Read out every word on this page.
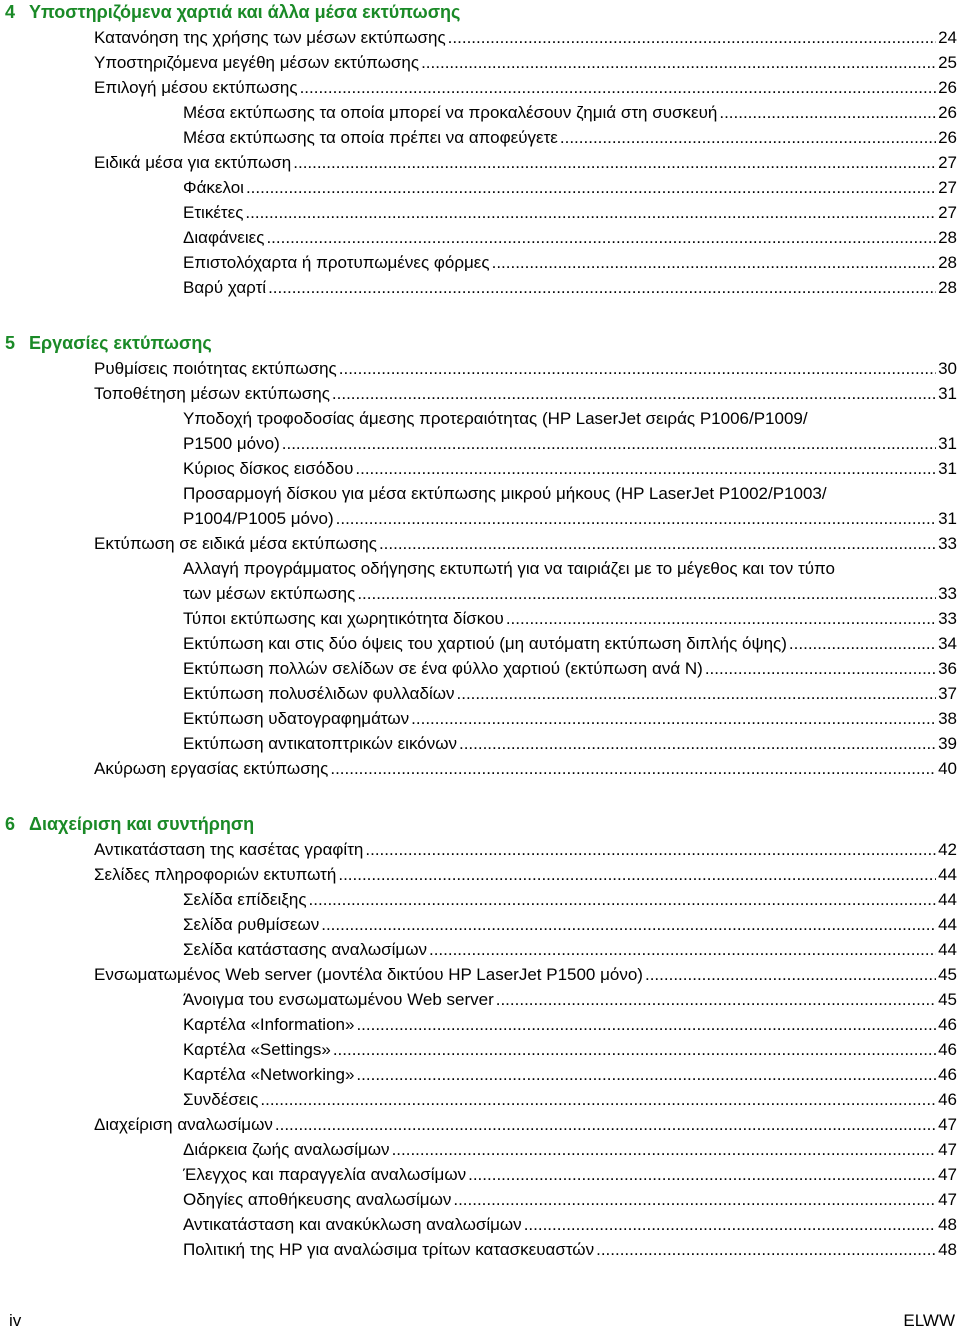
4 Υποστηριζόμενα χαρτιά και άλλα μέσα εκτύπωσης
Κατανόηση της χρήσης των μέσων εκτύπωσης .....	24
Υποστηριζόμενα μεγέθη μέσων εκτύπωσης .....	25
Επιλογή μέσου εκτύπωσης .....	26
Μέσα εκτύπωσης τα οποία μπορεί να προκαλέσουν ζημιά στη συσκευή .....	26
Μέσα εκτύπωσης τα οποία πρέπει να αποφεύγετε .....	26
Ειδικά μέσα για εκτύπωση .....	27
Φάκελοι .....	27
Ετικέτες .....	27
Διαφάνειες .....	28
Επιστολόχαρτα ή προτυπωμένες φόρμες .....	28
Βαρύ χαρτί .....	28
5 Εργασίες εκτύπωσης
Ρυθμίσεις ποιότητας εκτύπωσης .....	30
Τοποθέτηση μέσων εκτύπωσης .....	31
Υποδοχή τροφοδοσίας άμεσης προτεραιότητας (HP LaserJet σειράς P1006/P1009/
P1500 μόνο) .....	31
Κύριος δίσκος εισόδου .....	31
Προσαρμογή δίσκου για μέσα εκτύπωσης μικρού μήκους (HP LaserJet P1002/P1003/
P1004/P1005 μόνο) .....	31
Εκτύπωση σε ειδικά μέσα εκτύπωσης .....	33
Αλλαγή προγράμματος οδήγησης εκτυπωτή για να ταιριάζει με το μέγεθος και τον τύπο
των μέσων εκτύπωσης .....	33
Τύποι εκτύπωσης και χωρητικότητα δίσκου .....	33
Εκτύπωση και στις δύο όψεις του χαρτιού (μη αυτόματη εκτύπωση διπλής όψης) .....	34
Εκτύπωση πολλών σελίδων σε ένα φύλλο χαρτιού (εκτύπωση ανά Ν) .....	36
Εκτύπωση πολυσέλιδων φυλλαδίων .....	37
Εκτύπωση υδατογραφημάτων .....	38
Εκτύπωση αντικατοπτρικών εικόνων .....	39
Ακύρωση εργασίας εκτύπωσης .....	40
6 Διαχείριση και συντήρηση
Αντικατάσταση της κασέτας γραφίτη .....	42
Σελίδες πληροφοριών εκτυπωτή .....	44
Σελίδα επίδειξης .....	44
Σελίδα ρυθμίσεων .....	44
Σελίδα κατάστασης αναλωσίμων .....	44
Ενσωματωμένος Web server (μοντέλα δικτύου HP LaserJet P1500 μόνο) .....	45
Άνοιγμα του ενσωματωμένου Web server .....	45
Καρτέλα «Information» .....	46
Καρτέλα «Settings» .....	46
Καρτέλα «Networking» .....	46
Συνδέσεις .....	46
Διαχείριση αναλωσίμων .....	47
Διάρκεια ζωής αναλωσίμων .....	47
Έλεγχος και παραγγελία αναλωσίμων .....	47
Οδηγίες αποθήκευσης αναλωσίμων .....	47
Αντικατάσταση και ανακύκλωση αναλωσίμων .....	48
Πολιτική της HP για αναλώσιμα τρίτων κατασκευαστών .....	48
iv	ELWW
